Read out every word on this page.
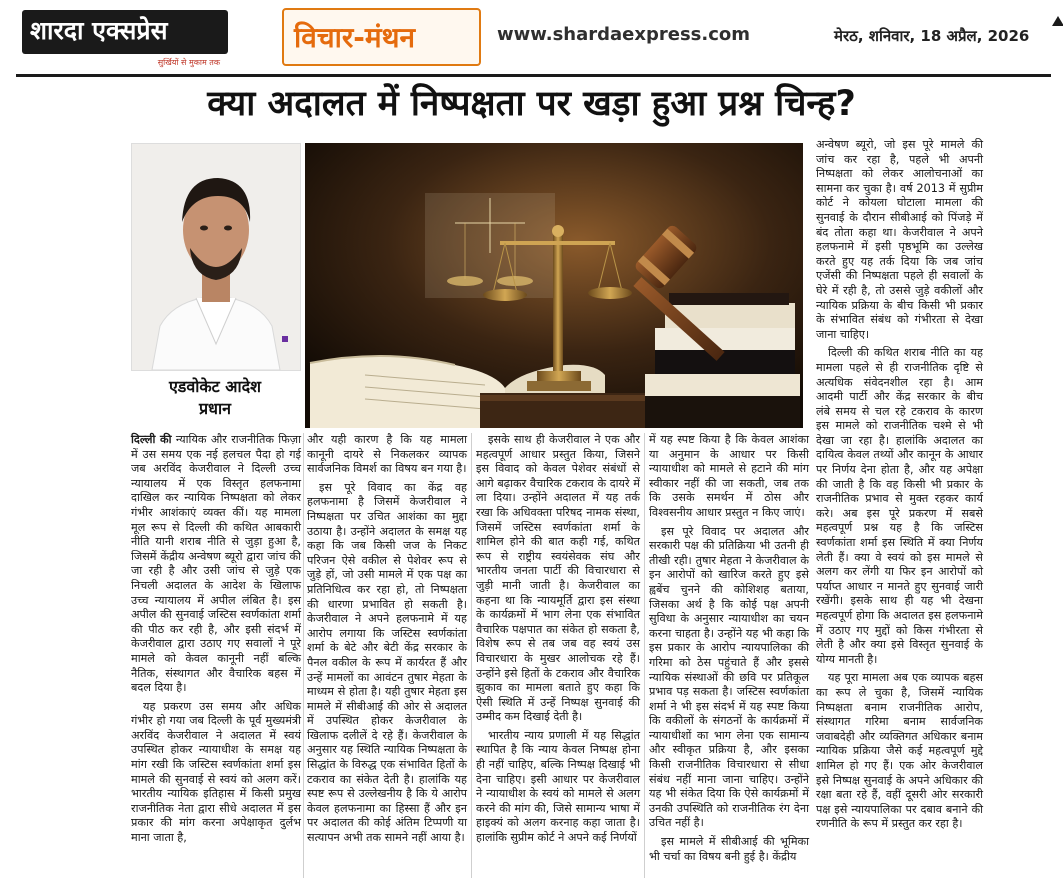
शारदा एक्सप्रेस
सुर्खियों से मुकाम तक
विचार-मंथन	www.shardaexpress.com	मेरठ, शनिवार, 18 अप्रैल, 2026
क्या अदालत में निष्पक्षता पर खड़ा हुआ प्रश्न चिन्ह?
एडवोकेट आदेश
प्रधान

दिल्ली की न्यायिक और राजनीतिक फिज़ा में उस समय एक नई हलचल पैदा हो गई जब अरविंद केजरीवाल ने दिल्ली उच्च न्यायालय में एक विस्तृत हलफनामा दाखिल कर न्यायिक निष्पक्षता को लेकर गंभीर आशंकाएं व्यक्त कीं। यह मामला मूल रूप से दिल्ली की कथित आबकारी नीति यानी शराब नीति से जुड़ा हुआ है, जिसमें केंद्रीय अन्वेषण ब्यूरो द्वारा जांच की जा रही है और उसी जांच से जुड़े एक निचली अदालत के आदेश के खिलाफ उच्च न्यायालय में अपील लंबित है। इस अपील की सुनवाई जस्टिस स्वर्णकांता शर्मा की पीठ कर रही है, और इसी संदर्भ में केजरीवाल द्वारा उठाए गए सवालों ने पूरे मामले को केवल कानूनी नहीं बल्कि नैतिक, संस्थागत और वैचारिक बहस में बदल दिया है।

यह प्रकरण उस समय और अधिक गंभीर हो गया जब दिल्ली के पूर्व मुख्यमंत्री अरविंद केजरीवाल ने अदालत में स्वयं उपस्थित होकर न्यायाधीश के समक्ष यह मांग रखी कि जस्टिस स्वर्णकांता शर्मा इस मामले की सुनवाई से स्वयं को अलग करें। भारतीय न्यायिक इतिहास में किसी प्रमुख राजनीतिक नेता द्वारा सीधे अदालत में इस प्रकार की मांग करना अपेक्षाकृत दुर्लभ माना जाता है,

और यही कारण है कि यह मामला कानूनी दायरे से निकलकर व्यापक सार्वजनिक विमर्श का विषय बन गया है।

इस पूरे विवाद का केंद्र वह हलफनामा है जिसमें केजरीवाल ने निष्पक्षता पर उचित आशंका का मुद्दा उठाया है। उन्होंने अदालत के समक्ष यह कहा कि जब किसी जज के निकट परिजन ऐसे वकील से पेशेवर रूप से जुड़े हों, जो उसी मामले में एक पक्ष का प्रतिनिधित्व कर रहा हो, तो निष्पक्षता की धारणा प्रभावित हो सकती है। केजरीवाल ने अपने हलफनामे में यह आरोप लगाया कि जस्टिस स्वर्णकांता शर्मा के बेटे और बेटी केंद्र सरकार के पैनल वकील के रूप में कार्यरत हैं और उन्हें मामलों का आवंटन तुषार मेहता के माध्यम से होता है। यही तुषार मेहता इस मामले में सीबीआई की ओर से अदालत में उपस्थित होकर केजरीवाल के खिलाफ दलीलें दे रहे हैं। केजरीवाल के अनुसार यह स्थिति न्यायिक निष्पक्षता के सिद्धांत के विरुद्ध एक संभावित हितों के टकराव का संकेत देती है। हालांकि यह स्पष्ट रूप से उल्लेखनीय है कि ये आरोप केवल हलफनामा का हिस्सा हैं और इन पर अदालत की कोई अंतिम टिप्पणी या सत्यापन अभी तक सामने नहीं आया है।

इसके साथ ही केजरीवाल ने एक और महत्वपूर्ण आधार प्रस्तुत किया, जिसने इस विवाद को केवल पेशेवर संबंधों से आगे बढ़ाकर वैचारिक टकराव के दायरे में ला दिया। उन्होंने अदालत में यह तर्क रखा कि अधिवक्ता परिषद नामक संस्था, जिसमें जस्टिस स्वर्णकांता शर्मा के शामिल होने की बात कही गई, कथित रूप से राष्ट्रीय स्वयंसेवक संघ और भारतीय जनता पार्टी की विचारधारा से जुड़ी मानी जाती है। केजरीवाल का कहना था कि न्यायमूर्ति द्वारा इस संस्था के कार्यक्रमों में भाग लेना एक संभावित वैचारिक पक्षपात का संकेत हो सकता है, विशेष रूप से तब जब वह स्वयं उस विचारधारा के मुखर आलोचक रहे हैं। उन्होंने इसे हितों के टकराव और वैचारिक झुकाव का मामला बताते हुए कहा कि ऐसी स्थिति में उन्हें निष्पक्ष सुनवाई की उम्मीद कम दिखाई देती है।

भारतीय न्याय प्रणाली में यह सिद्धांत स्थापित है कि न्याय केवल निष्पक्ष होना ही नहीं चाहिए, बल्कि निष्पक्ष दिखाई भी देना चाहिए। इसी आधार पर केजरीवाल ने न्यायाधीश के स्वयं को मामले से अलग करने की मांग की, जिसे सामान्य भाषा में हाइक्यं को अलग करनाह कहा जाता है। हालांकि सुप्रीम कोर्ट ने अपने कई निर्णयों

में यह स्पष्ट किया है कि केवल आशंका या अनुमान के आधार पर किसी न्यायाधीश को मामले से हटाने की मांग स्वीकार नहीं की जा सकती, जब तक कि उसके समर्थन में ठोस और विश्वसनीय आधार प्रस्तुत न किए जाएं।

इस पूरे विवाद पर अदालत और सरकारी पक्ष की प्रतिक्रिया भी उतनी ही तीखी रही। तुषार मेहता ने केजरीवाल के इन आरोपों को खारिज करते हुए इसे ह्वबेंच चुनने की कोशिशह बताया, जिसका अर्थ है कि कोई पक्ष अपनी सुविधा के अनुसार न्यायाधीश का चयन करना चाहता है। उन्होंने यह भी कहा कि इस प्रकार के आरोप न्यायपालिका की गरिमा को ठेस पहुंचाते हैं और इससे न्यायिक संस्थाओं की छवि पर प्रतिकूल प्रभाव पड़ सकता है। जस्टिस स्वर्णकांता शर्मा ने भी इस संदर्भ में यह स्पष्ट किया कि वकीलों के संगठनों के कार्यक्रमों में न्यायाधीशों का भाग लेना एक सामान्य और स्वीकृत प्रक्रिया है, और इसका किसी राजनीतिक विचारधारा से सीधा संबंध नहीं माना जाना चाहिए। उन्होंने यह भी संकेत दिया कि ऐसे कार्यक्रमों में उनकी उपस्थिति को राजनीतिक रंग देना उचित नहीं है।

इस मामले में सीबीआई की भूमिका भी चर्चा का विषय बनी हुई है। केंद्रीय

अन्वेषण ब्यूरो, जो इस पूरे मामले की जांच कर रहा है, पहले भी अपनी निष्पक्षता को लेकर आलोचनाओं का सामना कर चुका है। वर्ष 2013 में सुप्रीम कोर्ट ने कोयला घोटाला मामला की सुनवाई के दौरान सीबीआई को पिंजड़े में बंद तोता कहा था। केजरीवाल ने अपने हलफनामे में इसी पृष्ठभूमि का उल्लेख करते हुए यह तर्क दिया कि जब जांच एजेंसी की निष्पक्षता पहले ही सवालों के घेरे में रही है, तो उससे जुड़े वकीलों और न्यायिक प्रक्रिया के बीच किसी भी प्रकार के संभावित संबंध को गंभीरता से देखा जाना चाहिए।

दिल्ली की कथित शराब नीति का यह मामला पहले से ही राजनीतिक दृष्टि से अत्यधिक संवेदनशील रहा है। आम आदमी पार्टी और केंद्र सरकार के बीच लंबे समय से चल रहे टकराव के कारण इस मामले को राजनीतिक चश्मे से भी देखा जा रहा है। हालांकि अदालत का दायित्व केवल तथ्यों और कानून के आधार पर निर्णय देना होता है, और यह अपेक्षा की जाती है कि वह किसी भी प्रकार के राजनीतिक प्रभाव से मुक्त रहकर कार्य करे। अब इस पूरे प्रकरण में सबसे महत्वपूर्ण प्रश्न यह है कि जस्टिस स्वर्णकांता शर्मा इस स्थिति में क्या निर्णय लेती हैं। क्या वे स्वयं को इस मामले से अलग कर लेंगी या फिर इन आरोपों को पर्याप्त आधार न मानते हुए सुनवाई जारी रखेंगी। इसके साथ ही यह भी देखना महत्वपूर्ण होगा कि अदालत इस हलफनामे में उठाए गए मुद्दों को किस गंभीरता से लेती है और क्या इसे विस्तृत सुनवाई के योग्य मानती है।

यह पूरा मामला अब एक व्यापक बहस का रूप ले चुका है, जिसमें न्यायिक निष्पक्षता बनाम राजनीतिक आरोप, संस्थागत गरिमा बनाम सार्वजनिक जवाबदेही और व्यक्तिगत अधिकार बनाम न्यायिक प्रक्रिया जैसे कई महत्वपूर्ण मुद्दे शामिल हो गए हैं। एक ओर केजरीवाल इसे निष्पक्ष सुनवाई के अपने अधिकार की रक्षा बता रहे हैं, वहीं दूसरी ओर सरकारी पक्ष इसे न्यायपालिका पर दबाव बनाने की रणनीति के रूप में प्रस्तुत कर रहा है।
